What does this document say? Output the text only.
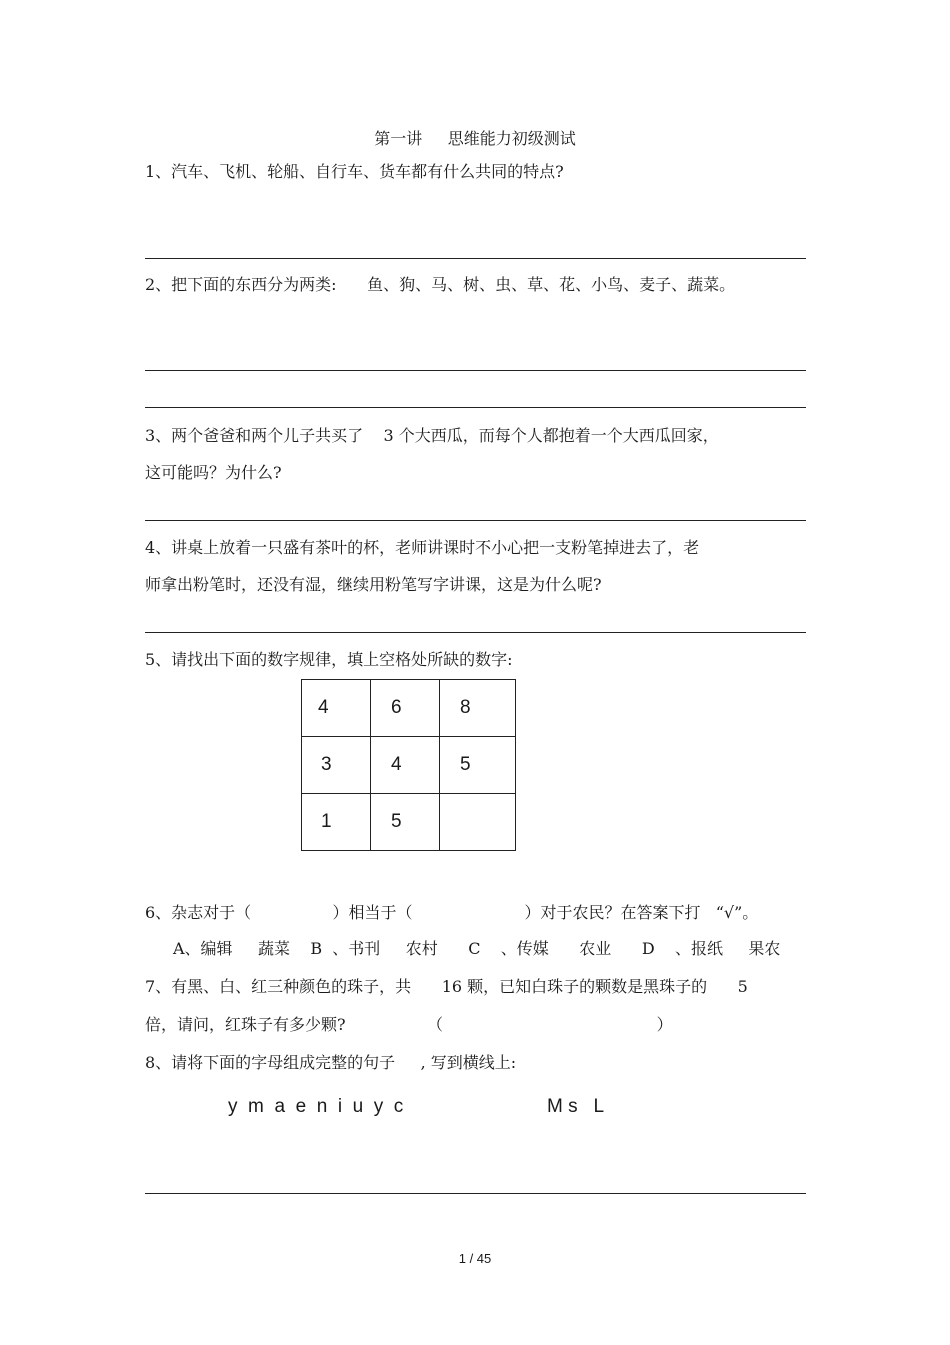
第一讲     思维能力初级测试
1、汽车、飞机、轮船、自行车、货车都有什么共同的特点?
2、把下面的东西分为两类:      鱼、狗、马、树、虫、草、花、小鸟、麦子、蔬菜。
3、两个爸爸和两个儿子共买了    3 个大西瓜，而每个人都抱着一个大西瓜回家，
这可能吗？为什么?
4、讲桌上放着一只盛有茶叶的杯，老师讲课时不小心把一支粉笔掉进去了，老
师拿出粉笔时，还没有湿，继续用粉笔写字讲课，这是为什么呢?
5、请找出下面的数字规律，填上空格处所缺的数字:
4	6	8
3	4	5
1	5	
6、杂志对于（                ）相当于（                      ）对于农民？在答案下打   “√”。
A、编辑     蔬菜    B  、书刊     农村      C    、传媒      农业      D    、报纸     果农
7、有黑、白、红三种颜色的珠子，共      16 颗，已知白珠子的颗数是黑珠子的      5
倍，请问，红珠子有多少颗?                （                                          ）
8、请将下面的字母组成完整的句子     , 写到横线上:
y  m  a  e  n  i  u  y  c	M s   L
1 / 45
